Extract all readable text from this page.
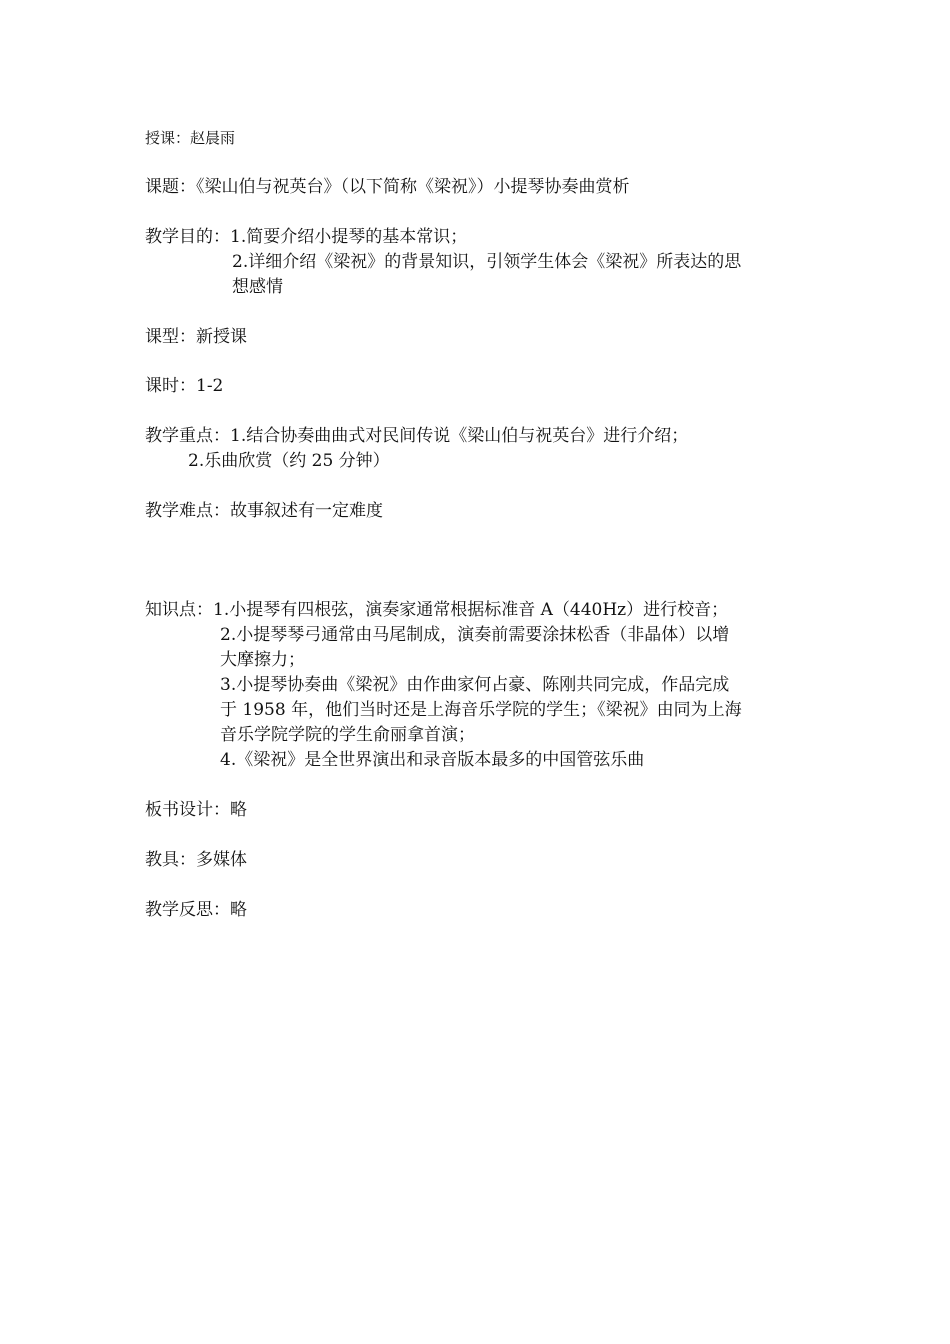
授课：赵晨雨
课题：《梁山伯与祝英台》（以下简称《梁祝》）小提琴协奏曲赏析
教学目的：1.简要介绍小提琴的基本常识；
2.详细介绍《梁祝》的背景知识，引领学生体会《梁祝》所表达的思
想感情
课型：新授课
课时：1-2
教学重点：1.结合协奏曲曲式对民间传说《梁山伯与祝英台》进行介绍；
2.乐曲欣赏（约 25 分钟）
教学难点：故事叙述有一定难度
知识点：1.小提琴有四根弦，演奏家通常根据标准音 A（440Hz）进行校音；
2.小提琴琴弓通常由马尾制成，演奏前需要涂抹松香（非晶体）以增
大摩擦力；
3.小提琴协奏曲《梁祝》由作曲家何占豪、陈刚共同完成，作品完成
于 1958 年，他们当时还是上海音乐学院的学生；《梁祝》由同为上海
音乐学院学院的学生俞丽拿首演；
4.《梁祝》是全世界演出和录音版本最多的中国管弦乐曲
板书设计：略
教具：多媒体
教学反思：略
